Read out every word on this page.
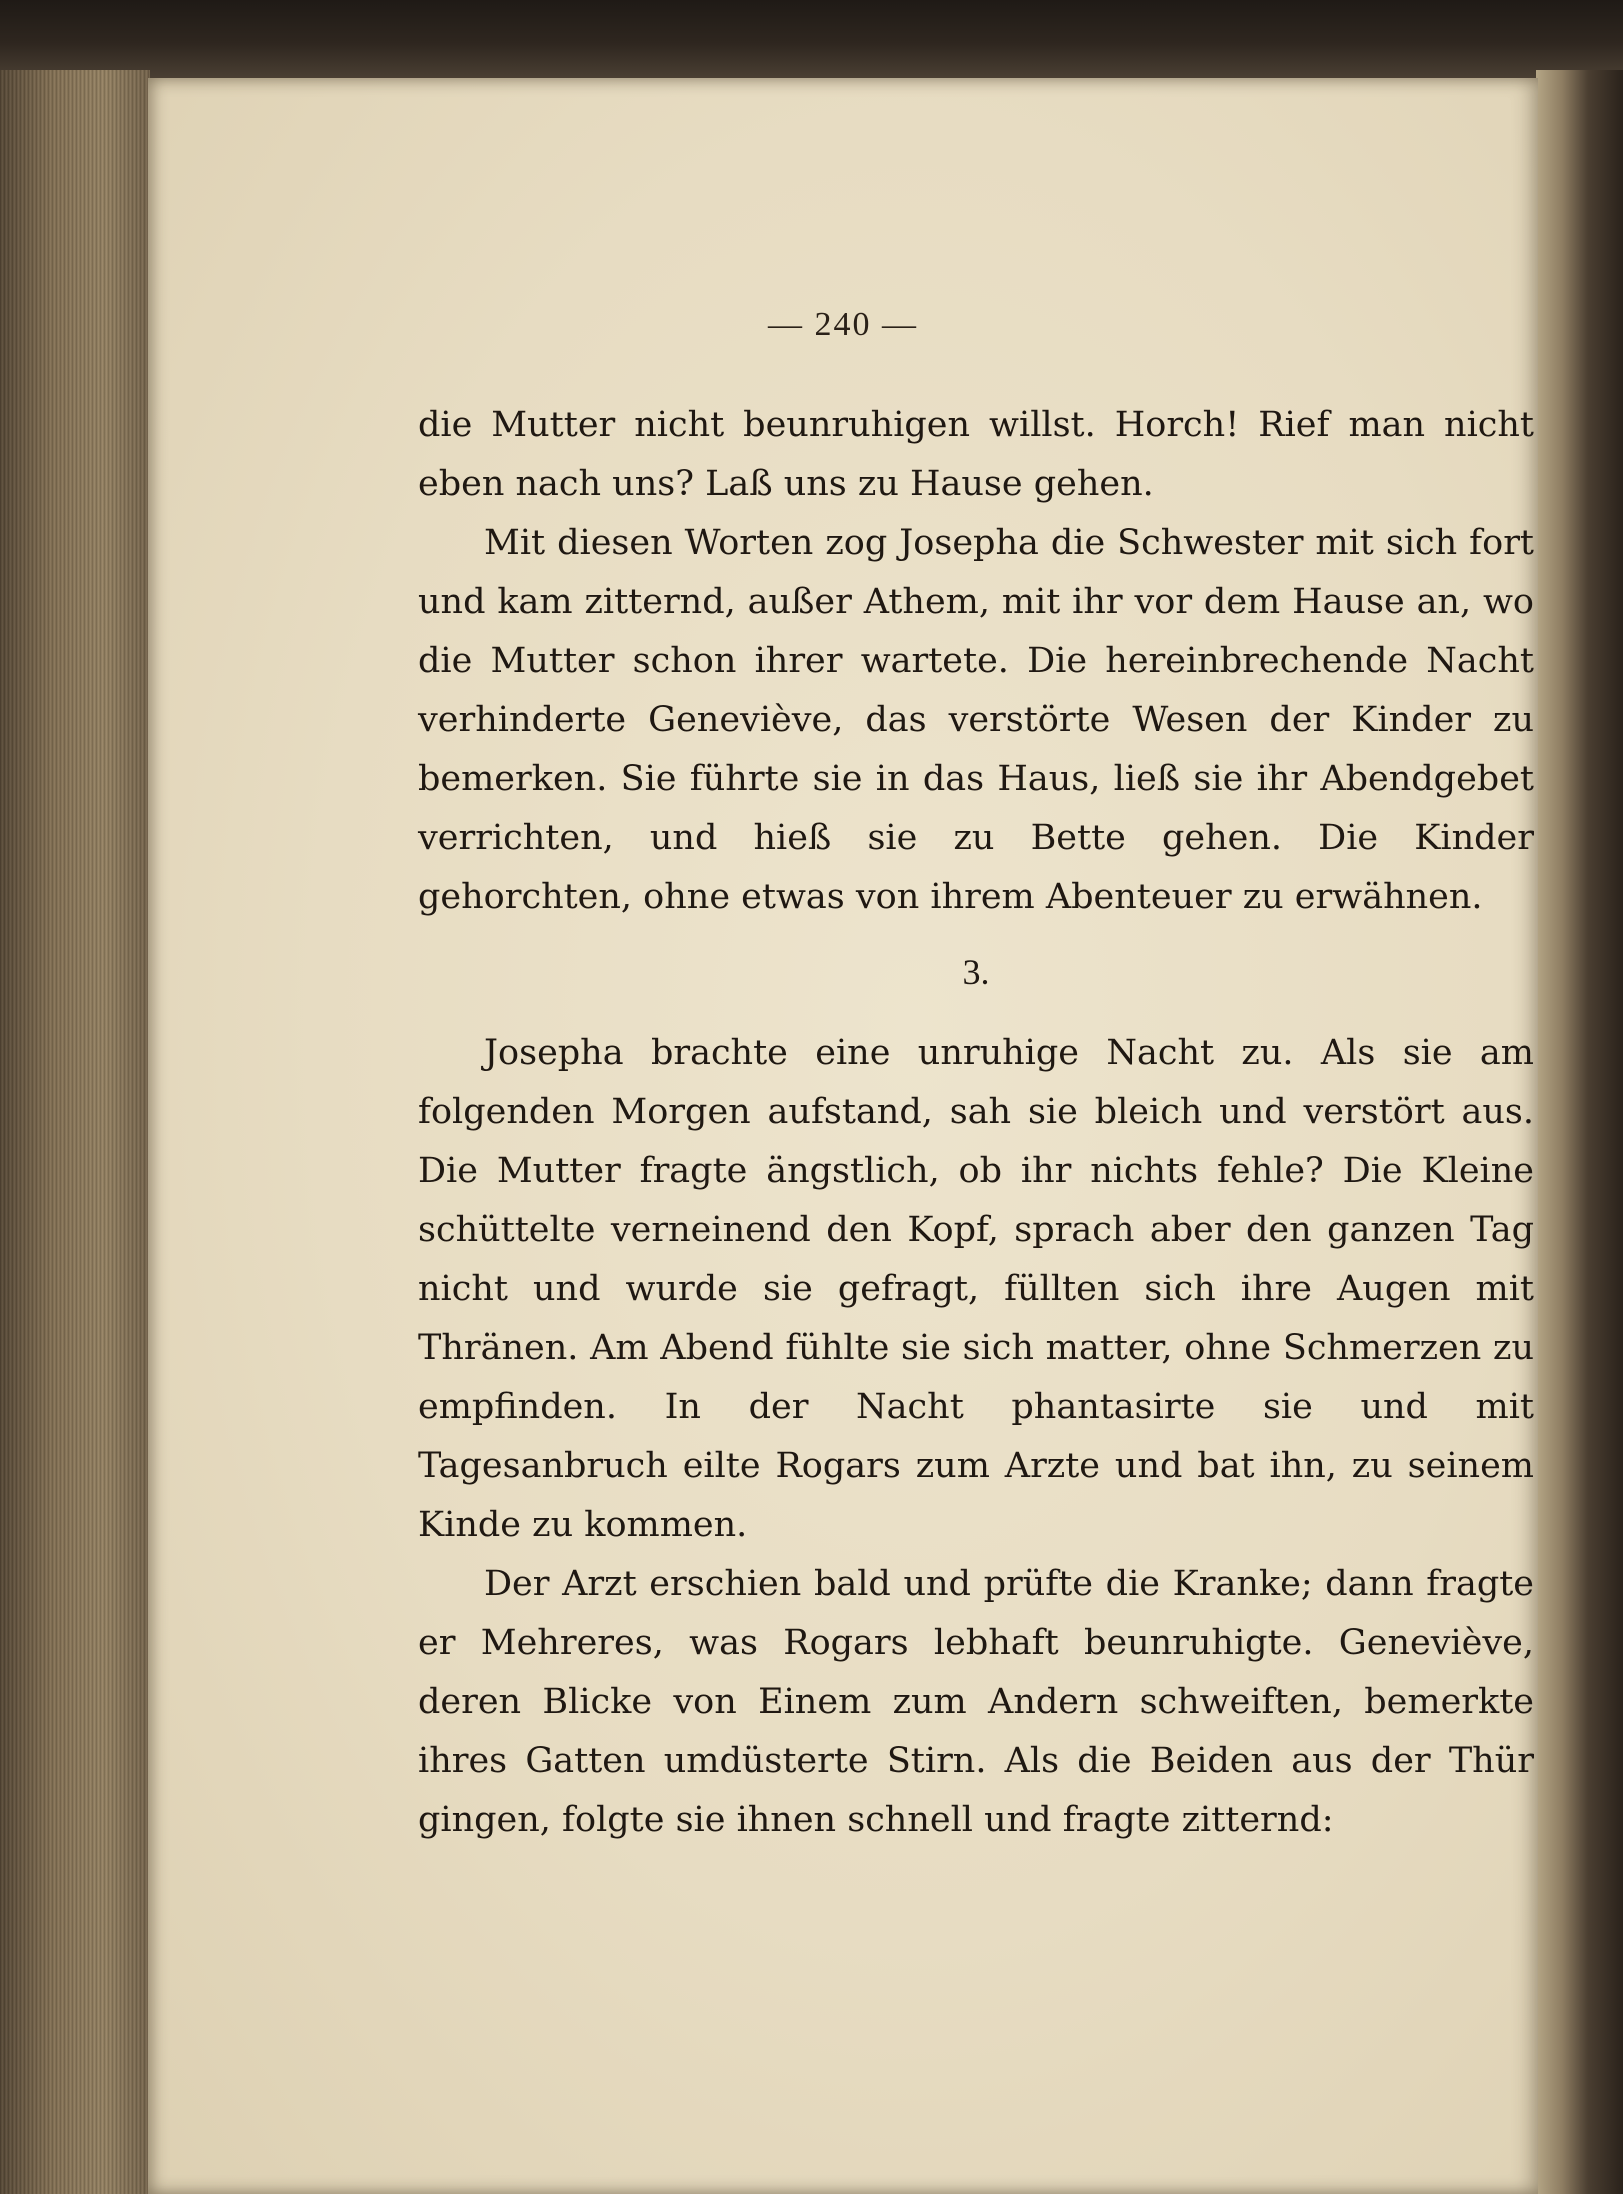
— 240 —

die Mutter nicht beunruhigen willst. Horch! Rief man nicht eben nach uns? Laß uns zu Hause gehen.

Mit diesen Worten zog Josepha die Schwester mit sich fort und kam zitternd, außer Athem, mit ihr vor dem Hause an, wo die Mutter schon ihrer wartete. Die hereinbrechende Nacht verhinderte Geneviève, das verstörte Wesen der Kinder zu bemerken. Sie führte sie in das Haus, ließ sie ihr Abendgebet verrichten, und hieß sie zu Bette gehen. Die Kinder gehorchten, ohne etwas von ihrem Abenteuer zu erwähnen.

3.

Josepha brachte eine unruhige Nacht zu. Als sie am folgenden Morgen aufstand, sah sie bleich und verstört aus. Die Mutter fragte ängstlich, ob ihr nichts fehle? Die Kleine schüttelte verneinend den Kopf, sprach aber den ganzen Tag nicht und wurde sie gefragt, füllten sich ihre Augen mit Thränen. Am Abend fühlte sie sich matter, ohne Schmerzen zu empfinden. In der Nacht phantasirte sie und mit Tagesanbruch eilte Rogars zum Arzte und bat ihn, zu seinem Kinde zu kommen.

Der Arzt erschien bald und prüfte die Kranke; dann fragte er Mehreres, was Rogars lebhaft beunruhigte. Geneviève, deren Blicke von Einem zum Andern schweiften, bemerkte ihres Gatten umdüsterte Stirn. Als die Beiden aus der Thür gingen, folgte sie ihnen schnell und fragte zitternd:
